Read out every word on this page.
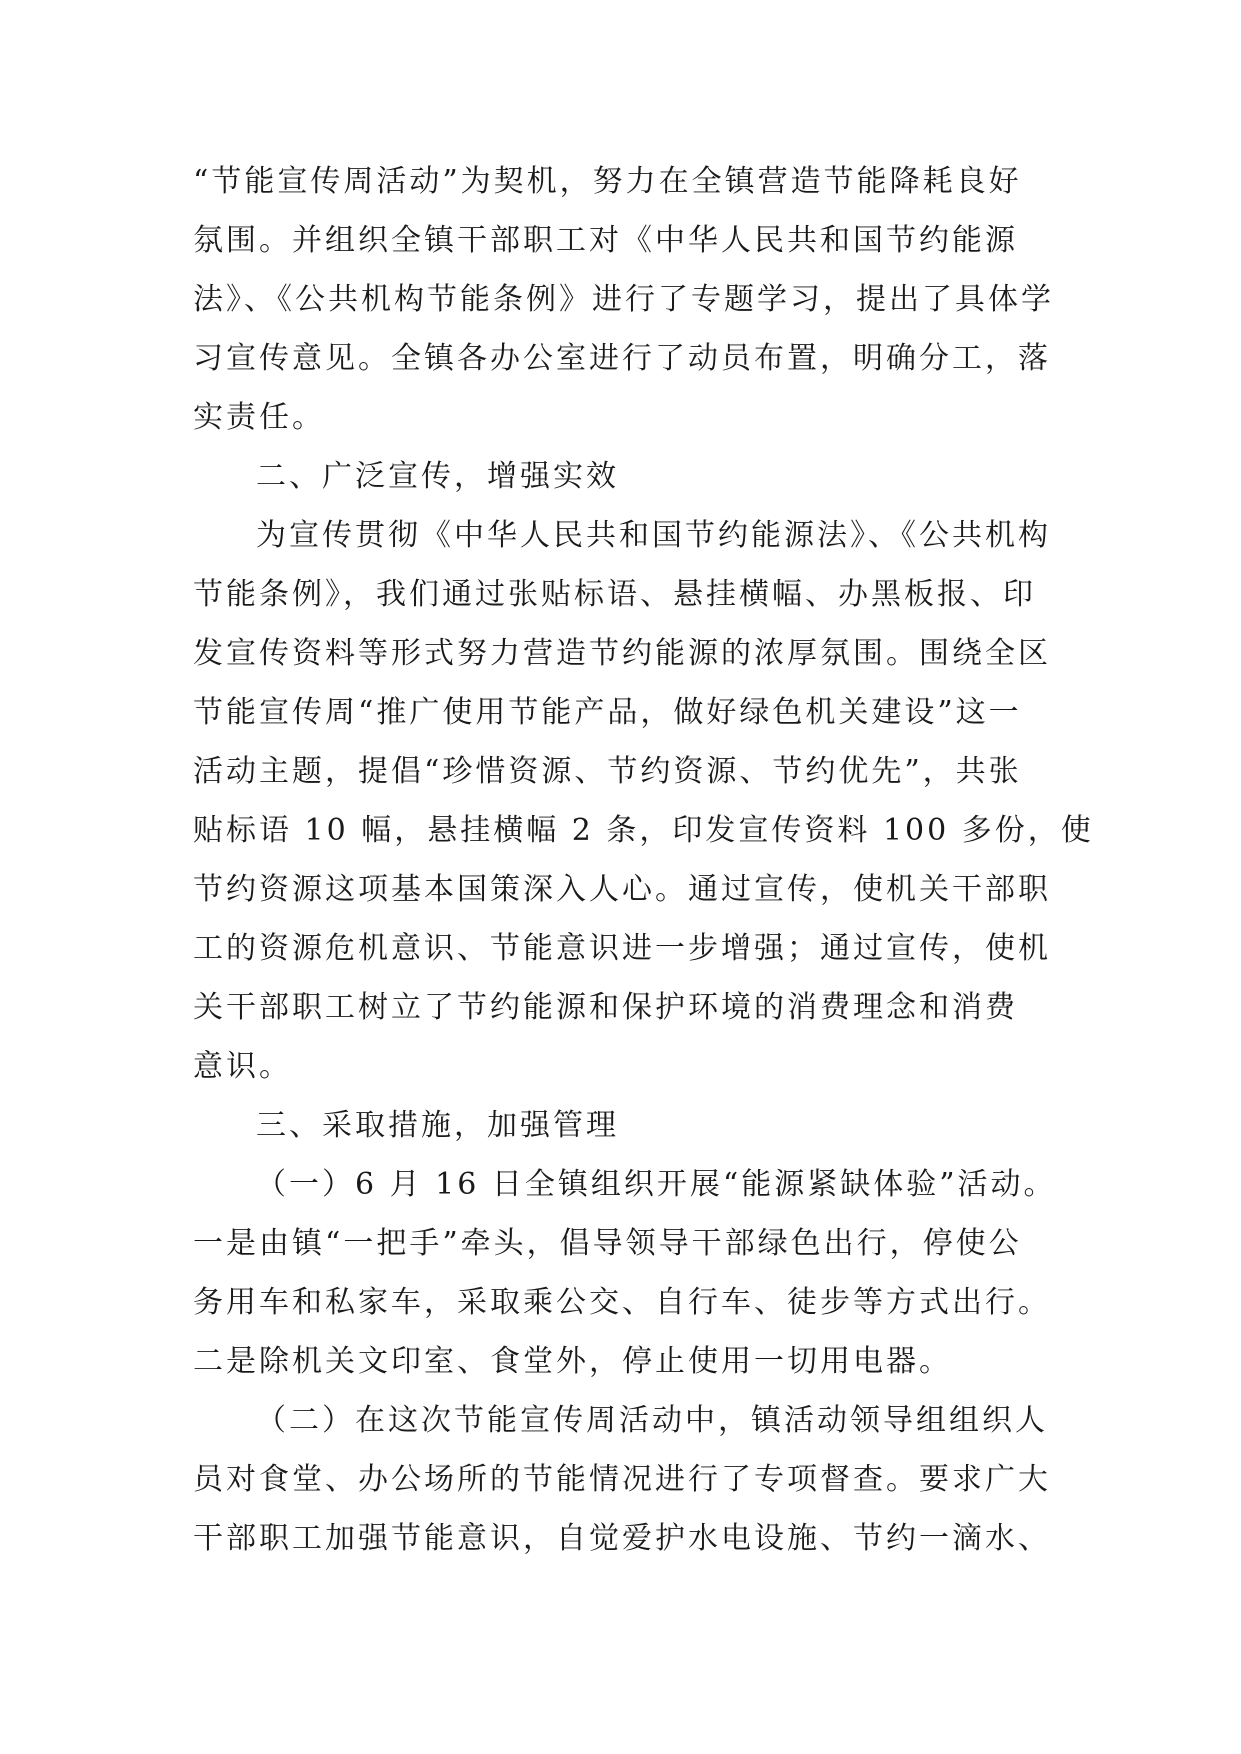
“节能宣传周活动”为契机，努力在全镇营造节能降耗良好
氛围。并组织全镇干部职工对《中华人民共和国节约能源
法》、《公共机构节能条例》进行了专题学习，提出了具体学
习宣传意见。全镇各办公室进行了动员布置，明确分工，落
实责任。
二、广泛宣传，增强实效
为宣传贯彻《中华人民共和国节约能源法》、《公共机构
节能条例》，我们通过张贴标语、悬挂横幅、办黑板报、印
发宣传资料等形式努力营造节约能源的浓厚氛围。围绕全区
节能宣传周“推广使用节能产品，做好绿色机关建设”这一
活动主题，提倡“珍惜资源、节约资源、节约优先”，共张
贴标语 10 幅，悬挂横幅 2 条，印发宣传资料 100 多份，使
节约资源这项基本国策深入人心。通过宣传，使机关干部职
工的资源危机意识、节能意识进一步增强；通过宣传，使机
关干部职工树立了节约能源和保护环境的消费理念和消费
意识。
三、采取措施，加强管理
（一）6 月 16 日全镇组织开展“能源紧缺体验”活动。
一是由镇“一把手”牵头，倡导领导干部绿色出行，停使公
务用车和私家车，采取乘公交、自行车、徒步等方式出行。
二是除机关文印室、食堂外，停止使用一切用电器。
（二）在这次节能宣传周活动中，镇活动领导组组织人
员对食堂、办公场所的节能情况进行了专项督查。要求广大
干部职工加强节能意识，自觉爱护水电设施、节约一滴水、
